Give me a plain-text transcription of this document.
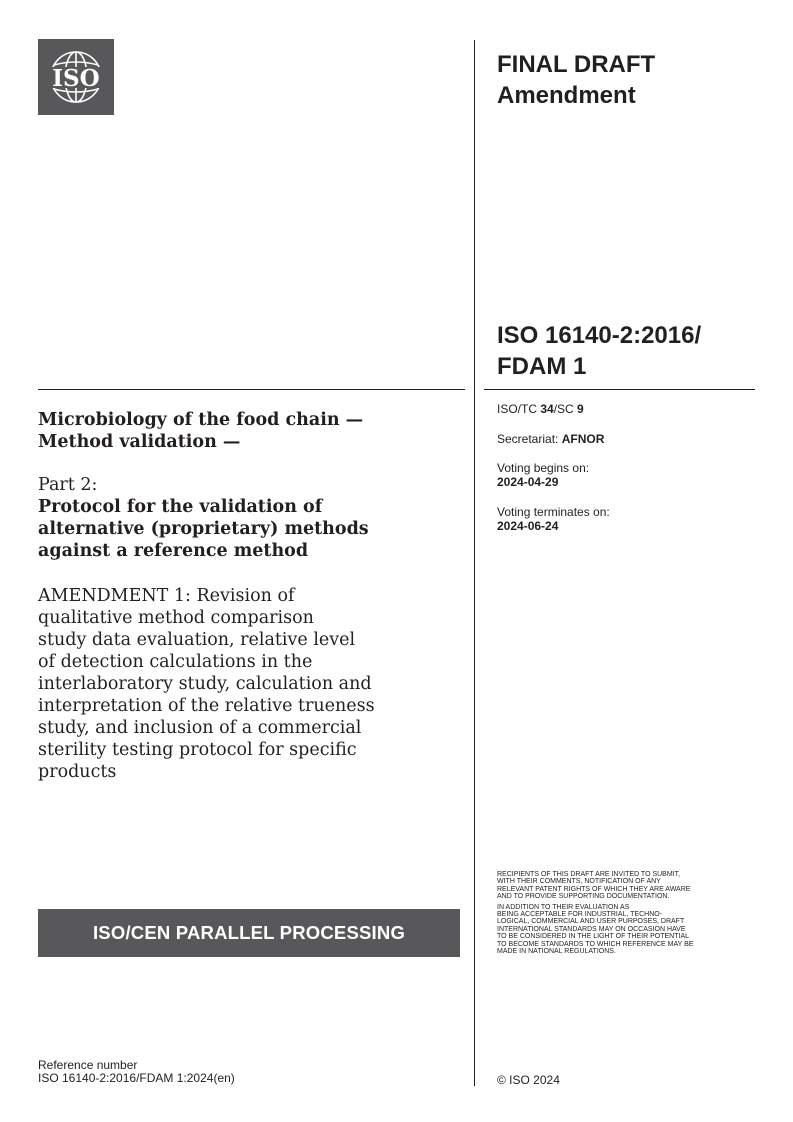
ISO
FINAL DRAFT
Amendment
ISO 16140-2:2016/
FDAM 1
ISO/TC 34/SC 9
Secretariat: AFNOR
Voting begins on:
2024-04-29
Voting terminates on:
2024-06-24
Microbiology of the food chain —
Method validation —
Part 2:
Protocol for the validation of
alternative (proprietary) methods
against a reference method
AMENDMENT 1: Revision of
qualitative method comparison
study data evaluation, relative level
of detection calculations in the
interlaboratory study, calculation and
interpretation of the relative trueness
study, and inclusion of a commercial
sterility testing protocol for specific
products
ISO/CEN PARALLEL PROCESSING

RECIPIENTS OF THIS DRAFT ARE INVITED TO SUBMIT,
WITH THEIR COMMENTS, NOTIFICATION OF ANY
RELEVANT PATENT RIGHTS OF WHICH THEY ARE AWARE
AND TO PROVIDE SUPPORTING DOCUMENTATION.

IN ADDITION TO THEIR EVALUATION AS
BEING ACCEPTABLE FOR INDUSTRIAL, TECHNO-
LOGICAL, COMMERCIAL AND USER PURPOSES, DRAFT
INTERNATIONAL STANDARDS MAY ON OCCASION HAVE
TO BE CONSIDERED IN THE LIGHT OF THEIR POTENTIAL
TO BECOME STANDARDS TO WHICH REFERENCE MAY BE
MADE IN NATIONAL REGULATIONS.

Reference number
ISO 16140-2:2016/FDAM 1:2024(en)	© ISO 2024
